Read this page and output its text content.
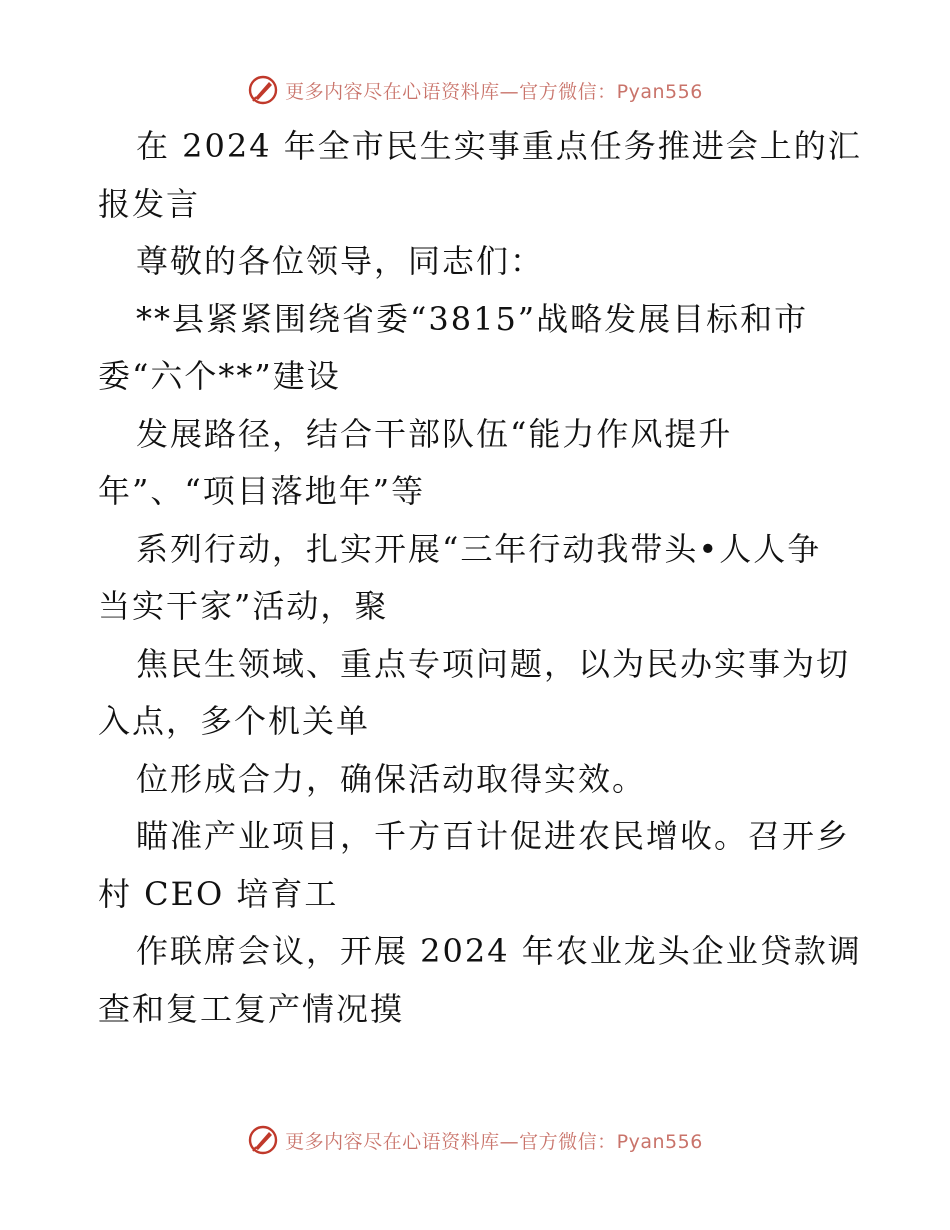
更多内容尽在心语资料库—官方微信：Pyan556
在 2024 年全市民生实事重点任务推进会上的汇
报发言
尊敬的各位领导，同志们：
**县紧紧围绕省委“3815”战略发展目标和市
委“六个**”建设
发展路径，结合干部队伍“能力作风提升
年”、“项目落地年”等
系列行动，扎实开展“三年行动我带头•人人争
当实干家”活动，聚
焦民生领域、重点专项问题，以为民办实事为切
入点，多个机关单
位形成合力，确保活动取得实效。
瞄准产业项目，千方百计促进农民增收。召开乡
村 CEO 培育工
作联席会议，开展 2024 年农业龙头企业贷款调
查和复工复产情况摸
更多内容尽在心语资料库—官方微信：Pyan556
